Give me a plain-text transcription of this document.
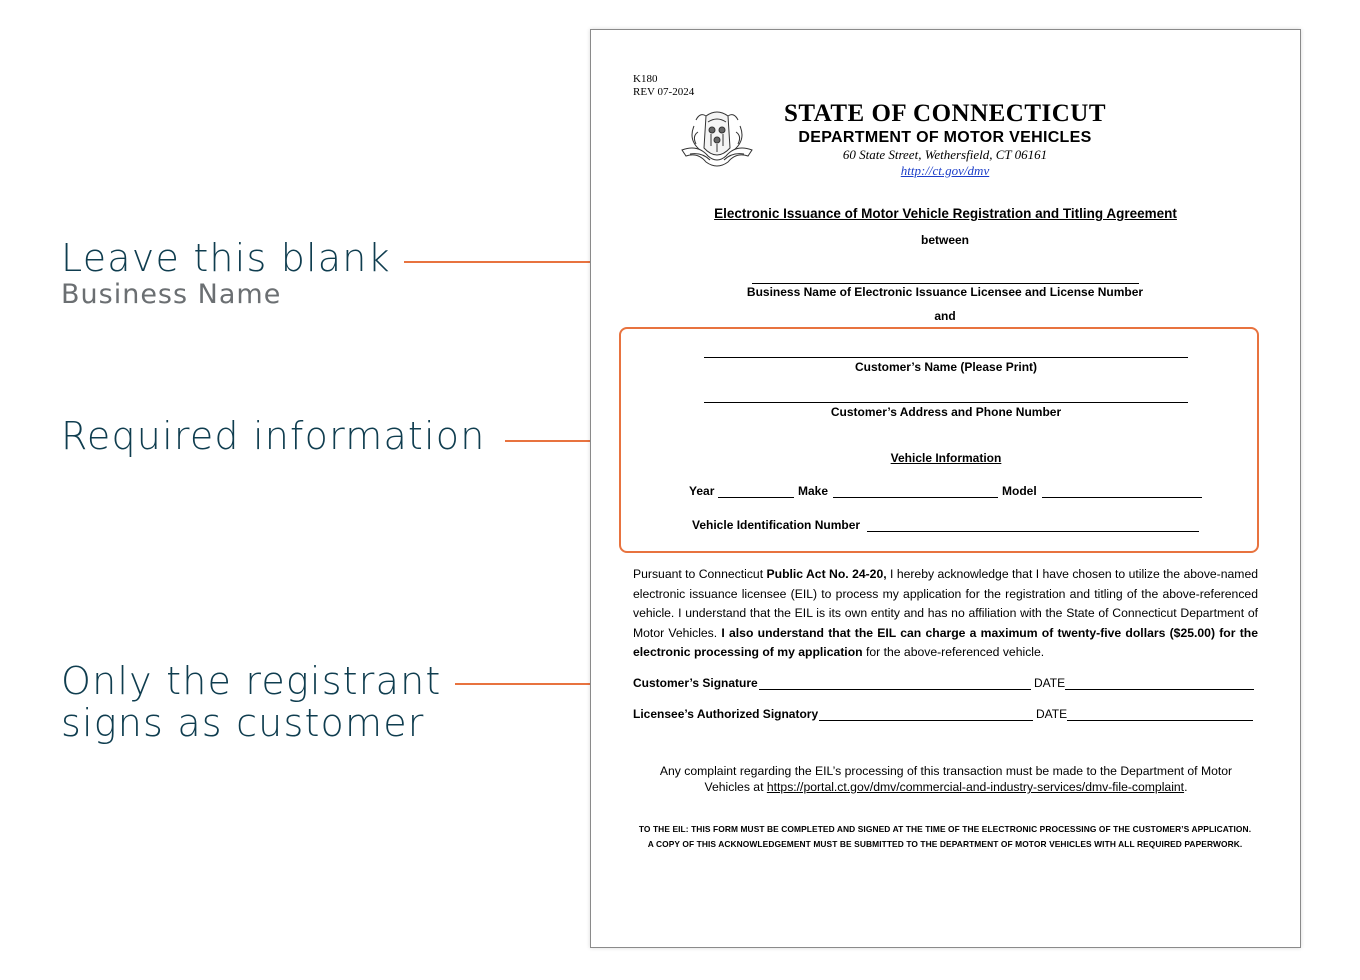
Leave this blank
Business Name
Required information
Only the registrant
signs as customer
K180
REV 07-2024
STATE OF CONNECTICUT
DEPARTMENT OF MOTOR VEHICLES
60 State Street, Wethersfield, CT 06161
http://ct.gov/dmv
Electronic Issuance of Motor Vehicle Registration and Titling Agreement
between
Business Name of Electronic Issuance Licensee and License Number
and
Customer’s Name (Please Print)
Customer’s Address and Phone Number
Vehicle Information
Year	Make	Model
Vehicle Identification Number
Pursuant to Connecticut Public Act No. 24-20, I hereby acknowledge that I have chosen to utilize the above-named electronic issuance licensee (EIL) to process my application for the registration and titling of the above-referenced vehicle. I understand that the EIL is its own entity and has no affiliation with the State of Connecticut Department of Motor Vehicles. I also understand that the EIL can charge a maximum of twenty-five dollars ($25.00) for the electronic processing of my application for the above-referenced vehicle.
Customer’s Signature	DATE
Licensee’s Authorized Signatory	DATE
Any complaint regarding the EIL’s processing of this transaction must be made to the Department of Motor Vehicles at https://portal.ct.gov/dmv/commercial-and-industry-services/dmv-file-complaint.
TO THE EIL: THIS FORM MUST BE COMPLETED AND SIGNED AT THE TIME OF THE ELECTRONIC PROCESSING OF THE CUSTOMER’S APPLICATION.
A COPY OF THIS ACKNOWLEDGEMENT MUST BE SUBMITTED TO THE DEPARTMENT OF MOTOR VEHICLES WITH ALL REQUIRED PAPERWORK.
